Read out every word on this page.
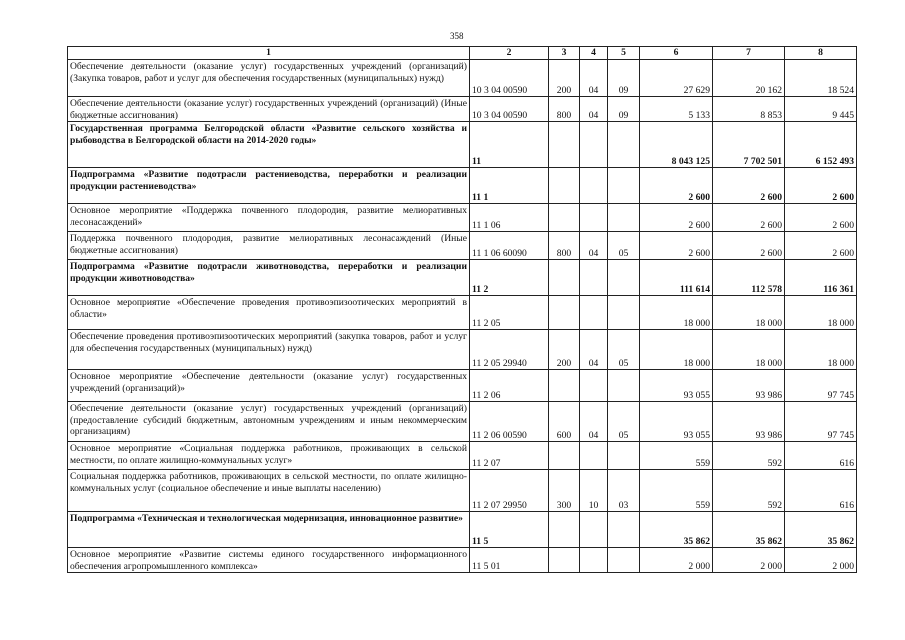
358
1	2	3	4	5	6	7	8
Обеспечение деятельности (оказание услуг) государственных учреждений (организаций) (Закупка товаров, работ и услуг для обеспечения государственных (муниципальных) нужд)	10 3 04 00590	200	04	09	27 629	20 162	18 524
Обеспечение деятельности (оказание услуг) государственных учреждений (организаций) (Иные бюджетные ассигнования)	10 3 04 00590	800	04	09	5 133	8 853	9 445
Государственная программа Белгородской области «Развитие сельского хозяйства и рыбоводства в Белгородской области на 2014-2020 годы»	11				8 043 125	7 702 501	6 152 493
Подпрограмма «Развитие подотрасли растениеводства, переработки и реализации продукции растениеводства»	11 1				2 600	2 600	2 600
Основное мероприятие «Поддержка почвенного плодородия, развитие мелиоративных лесонасаждений»	11 1 06				2 600	2 600	2 600
Поддержка почвенного плодородия, развитие мелиоративных лесонасаждений (Иные бюджетные ассигнования)	11 1 06 60090	800	04	05	2 600	2 600	2 600
Подпрограмма «Развитие подотрасли животноводства, переработки и реализации продукции животноводства»	11 2				111 614	112 578	116 361
Основное мероприятие «Обеспечение проведения противоэпизоотических мероприятий в области»	11 2 05				18 000	18 000	18 000
Обеспечение проведения противоэпизоотических мероприятий (закупка товаров, работ и услуг для обеспечения государственных (муниципальных) нужд)	11 2 05 29940	200	04	05	18 000	18 000	18 000
Основное мероприятие «Обеспечение деятельности (оказание услуг) государственных учреждений (организаций)»	11 2 06				93 055	93 986	97 745
Обеспечение деятельности (оказание услуг) государственных учреждений (организаций) (предоставление субсидий бюджетным, автономным учреждениям и иным некоммерческим организациям)	11 2 06 00590	600	04	05	93 055	93 986	97 745
Основное мероприятие «Социальная поддержка работников, проживающих в сельской местности, по оплате жилищно-коммунальных услуг»	11 2 07				559	592	616
Социальная поддержка работников, проживающих в сельской местности, по оплате жилищно-коммунальных услуг (социальное обеспечение и иные выплаты населению)	11 2 07 29950	300	10	03	559	592	616
Подпрограмма «Техническая и технологическая модернизация, инновационное развитие»	11 5				35 862	35 862	35 862
Основное мероприятие «Развитие системы единого государственного информационного обеспечения агропромышленного комплекса»	11 5 01				2 000	2 000	2 000
